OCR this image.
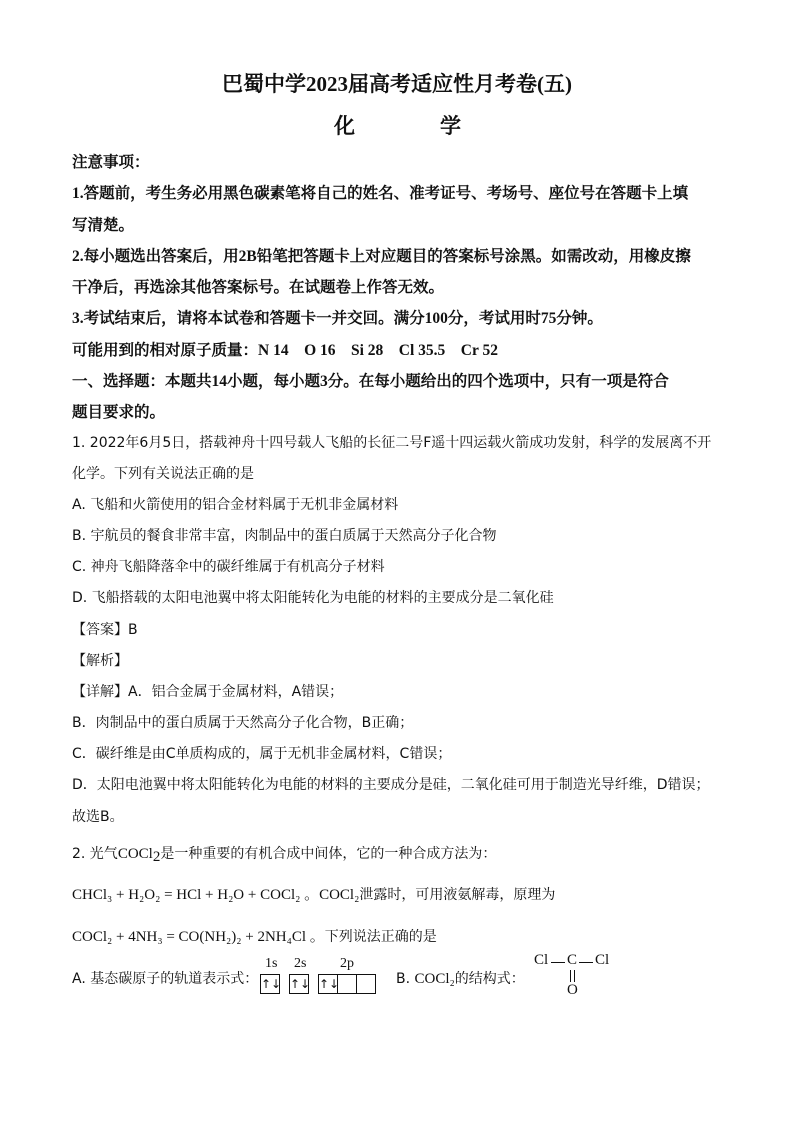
巴蜀中学2023届高考适应性月考卷(五)
化	学
注意事项：
1.答题前，考生务必用黑色碳素笔将自己的姓名、准考证号、考场号、座位号在答题卡上填
写清楚。
2.每小题选出答案后，用2B铅笔把答题卡上对应题目的答案标号涂黑。如需改动，用橡皮擦
干净后，再选涂其他答案标号。在试题卷上作答无效。
3.考试结束后，请将本试卷和答题卡一并交回。满分100分，考试用时75分钟。
可能用到的相对原子质量：N 14　O 16　Si 28　Cl 35.5　Cr 52
一、选择题：本题共14小题，每小题3分。在每小题给出的四个选项中，只有一项是符合
题目要求的。
1. 2022年6月5日，搭载神舟十四号载人飞船的长征二号F遥十四运载火箭成功发射，科学的发展离不开
化学。下列有关说法正确的是
A. 飞船和火箭使用的铝合金材料属于无机非金属材料
B. 宇航员的餐食非常丰富，肉制品中的蛋白质属于天然高分子化合物
C. 神舟飞船降落伞中的碳纤维属于有机高分子材料
D. 飞船搭载的太阳电池翼中将太阳能转化为电能的材料的主要成分是二氧化硅
【答案】B
【解析】
【详解】A．铝合金属于金属材料，A错误；
B．肉制品中的蛋白质属于天然高分子化合物，B正确；
C．碳纤维是由C单质构成的，属于无机非金属材料，C错误；
D．太阳电池翼中将太阳能转化为电能的材料的主要成分是硅，二氧化硅可用于制造光导纤维，D错误；
故选B。
2. 光气COCl$_2$是一种重要的有机合成中间体，它的一种合成方法为：
CHCl₃ + H₂O₂ = HCl + H₂O + COCl₂ 。COCl₂泄露时，可用液氨解毒，原理为
COCl₂ + 4NH₃ = CO(NH₂)₂ + 2NH₄Cl 。下列说法正确的是
A. 基态碳原子的轨道表示式：
1s 2s 2p
↑↓ ↑↓ ↑↓	B. COCl₂的结构式：
Cl C Cl
O
